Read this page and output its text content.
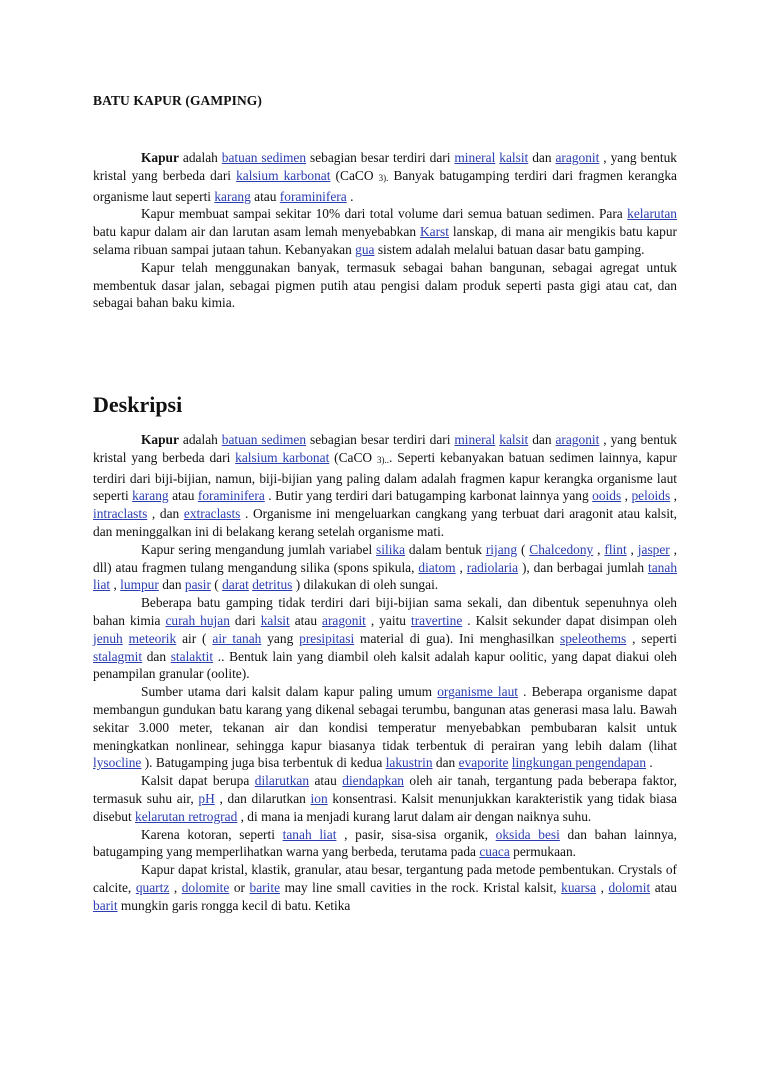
BATU KAPUR (GAMPING)

Kapur adalah batuan sedimen sebagian besar terdiri dari mineral kalsit dan aragonit , yang bentuk kristal yang berbeda dari kalsium karbonat (CaCO $_{3).}$ Banyak batugamping terdiri dari fragmen kerangka organisme laut seperti karang atau foraminifera .

Kapur membuat sampai sekitar 10% dari total volume dari semua batuan sedimen. Para kelarutan batu kapur dalam air dan larutan asam lemah menyebabkan Karst lanskap, di mana air mengikis batu kapur selama ribuan sampai jutaan tahun. Kebanyakan gua sistem adalah melalui batuan dasar batu gamping.

Kapur telah menggunakan banyak, termasuk sebagai bahan bangunan, sebagai agregat untuk membentuk dasar jalan, sebagai pigmen putih atau pengisi dalam produk seperti pasta gigi atau cat, dan sebagai bahan baku kimia.

Deskripsi

Kapur adalah batuan sedimen sebagian besar terdiri dari mineral kalsit dan aragonit , yang bentuk kristal yang berbeda dari kalsium karbonat (CaCO $_{3)..}$. Seperti kebanyakan batuan sedimen lainnya, kapur terdiri dari biji-bijian, namun, biji-bijian yang paling dalam adalah fragmen kapur kerangka organisme laut seperti karang atau foraminifera . Butir yang terdiri dari batugamping karbonat lainnya yang ooids , peloids , intraclasts , dan extraclasts . Organisme ini mengeluarkan cangkang yang terbuat dari aragonit atau kalsit, dan meninggalkan ini di belakang kerang setelah organisme mati.

Kapur sering mengandung jumlah variabel silika dalam bentuk rijang ( Chalcedony , flint , jasper , dll) atau fragmen tulang mengandung silika (spons spikula, diatom , radiolaria ), dan berbagai jumlah tanah liat , lumpur dan pasir ( darat detritus ) dilakukan di oleh sungai.

Beberapa batu gamping tidak terdiri dari biji-bijian sama sekali, dan dibentuk sepenuhnya oleh bahan kimia curah hujan dari kalsit atau aragonit , yaitu travertine . Kalsit sekunder dapat disimpan oleh jenuh meteorik air ( air tanah yang presipitasi material di gua). Ini menghasilkan speleothems , seperti stalagmit dan stalaktit .. Bentuk lain yang diambil oleh kalsit adalah kapur oolitic, yang dapat diakui oleh penampilan granular (oolite).

Sumber utama dari kalsit dalam kapur paling umum organisme laut . Beberapa organisme dapat membangun gundukan batu karang yang dikenal sebagai terumbu, bangunan atas generasi masa lalu. Bawah sekitar 3.000 meter, tekanan air dan kondisi temperatur menyebabkan pembubaran kalsit untuk meningkatkan nonlinear, sehingga kapur biasanya tidak terbentuk di perairan yang lebih dalam (lihat lysocline ). Batugamping juga bisa terbentuk di kedua lakustrin dan evaporite lingkungan pengendapan .

Kalsit dapat berupa dilarutkan atau diendapkan oleh air tanah, tergantung pada beberapa faktor, termasuk suhu air, pH , dan dilarutkan ion konsentrasi. Kalsit menunjukkan karakteristik yang tidak biasa disebut kelarutan retrograd , di mana ia menjadi kurang larut dalam air dengan naiknya suhu.

Karena kotoran, seperti tanah liat , pasir, sisa-sisa organik, oksida besi dan bahan lainnya, batugamping yang memperlihatkan warna yang berbeda, terutama pada cuaca permukaan.

Kapur dapat kristal, klastik, granular, atau besar, tergantung pada metode pembentukan. Crystals of calcite, quartz , dolomite or barite may line small cavities in the rock. Kristal kalsit, kuarsa , dolomit atau barit mungkin garis rongga kecil di batu. Ketika
